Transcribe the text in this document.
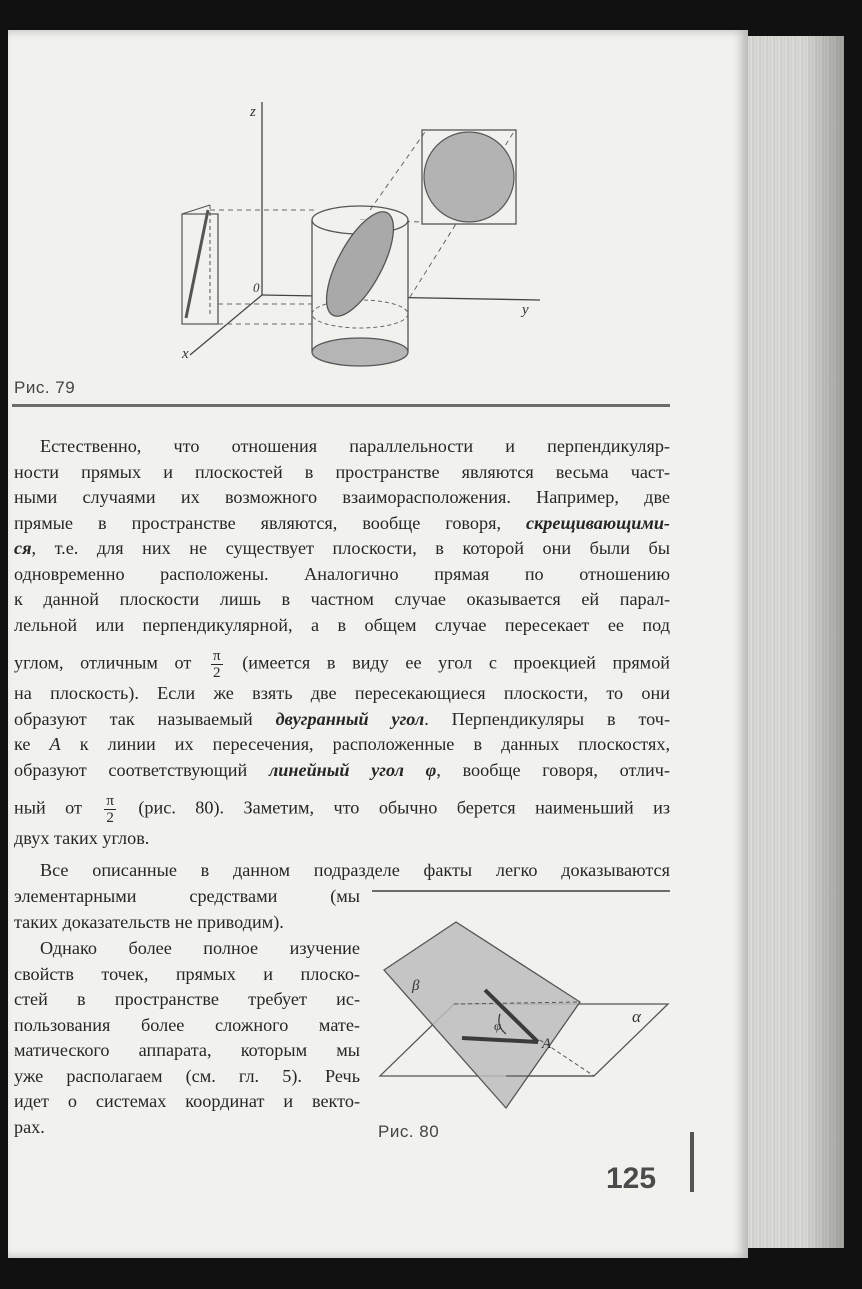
z
y
x
0
Рис. 79
Естественно, что отношения параллельности и перпендикуляр-
ности прямых и плоскостей в пространстве являются весьма част-
ными случаями их возможного взаиморасположения. Например, две
прямые в пространстве являются, вообще говоря, скрещивающими-
ся, т.е. для них не существует плоскости, в которой они были бы
одновременно расположены. Аналогично прямая по отношению
к данной плоскости лишь в частном случае оказывается ей парал-
лельной или перпендикулярной, а в общем случае пересекает ее под
углом, отличным от $\frac{\pi}{2}$ (имеется в виду ее угол с проекцией прямой
на плоскость). Если же взять две пересекающиеся плоскости, то они
образуют так называемый двугранный угол. Перпендикуляры в точ-
ке A к линии их пересечения, расположенные в данных плоскостях,
образуют соответствующий линейный угол φ, вообще говоря, отлич-
ный от $\frac{\pi}{2} (рис$. 80). Заметим, что обычно берется наименьший из
двух таких углов.
Все описанные в данном подразделе факты легко доказываются
элементарными средствами (мы
таких доказательств не приводим).
Однако более полное изучение
свойств точек, прямых и плоско-
стей в пространстве требует ис-
пользования более сложного мате-
матического аппарата, которым мы
уже располагаем (см. гл. 5). Речь
идет о системах координат и векто-
рах.
β
α
φ
A
Рис. 80
125
